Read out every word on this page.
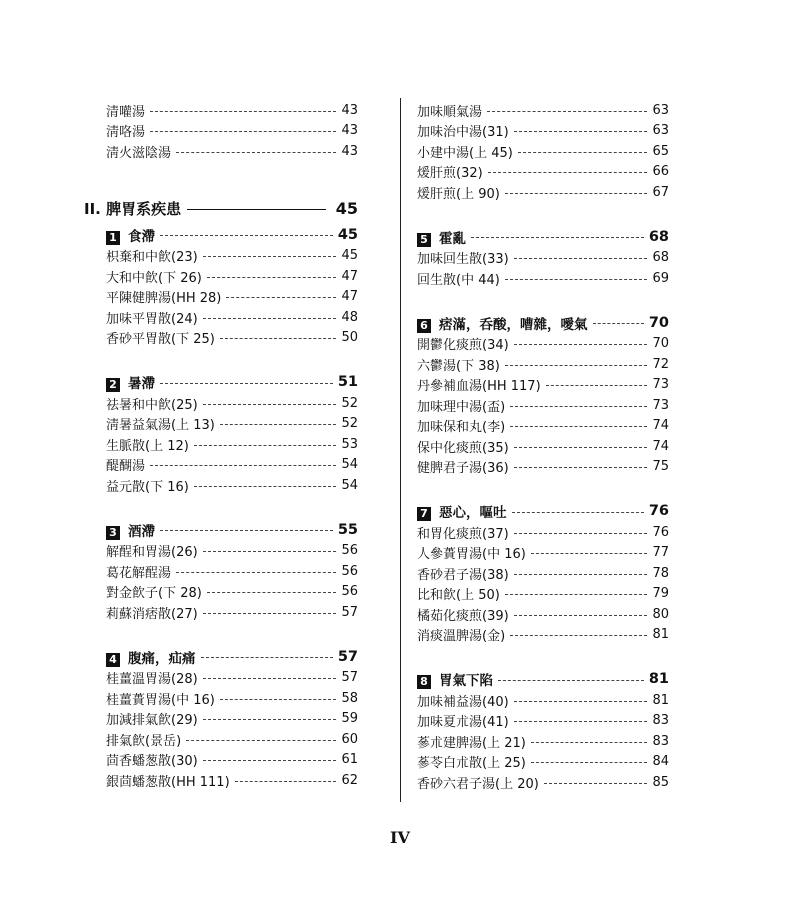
清嚾湯	43
淸咯湯	43
淸火滋陰湯	43
II. 脾胃系疾患	45
1 食滯	45
枳棄和中飮(23)	45
大和中飮(下 26)	47
平陳健脾湯(HH 28)	47
加味平胃散(24)	48
香砂平胃散(下 25)	50
2 暑滯	51
祛暑和中飮(25)	52
淸暑益氣湯(上 13)	52
生脈散(上 12)	53
醍醐湯	54
益元散(下 16)	54
3 酒滯	55
解酲和胃湯(26)	56
葛花解酲湯	56
對金飮子(下 28)	56
莉蘇消痞散(27)	57
4 腹痛，疝痛	57
桂薑溫胃湯(28)	57
桂薑蕢胃湯(中 16)	58
加減排氣飮(29)	59
排氣飮(景岳)	60
茴香蟠葱散(30)	61
銀茴蟠葱散(HH 111)	62
加味順氣湯	63
加味治中湯(31)	63
小建中湯(上 45)	65
煖肝煎(32)	66
煖肝煎(上 90)	67
5 霍亂	68
加味回生散(33)	68
回生散(中 44)	69
6 痞滿，呑酸，嘈雜，噯氣	70
開鬱化痰煎(34)	70
六鬱湯(下 38)	72
丹參補血湯(HH 117)	73
加味理中湯(盃)	73
加味保和丸(李)	74
保中化痰煎(35)	74
健脾君子湯(36)	75
7 惡心，嘔吐	76
和胃化痰煎(37)	76
人參蕢胃湯(中 16)	77
香砂君子湯(38)	78
比和飮(上 50)	79
橘茹化痰煎(39)	80
消痰溫脾湯(金)	81
8 胃氣下陷	81
加味補益湯(40)	81
加味夏朮湯(41)	83
蔘朮建脾湯(上 21)	83
蔘苓白朮散(上 25)	84
香砂六君子湯(上 20)	85
IV
